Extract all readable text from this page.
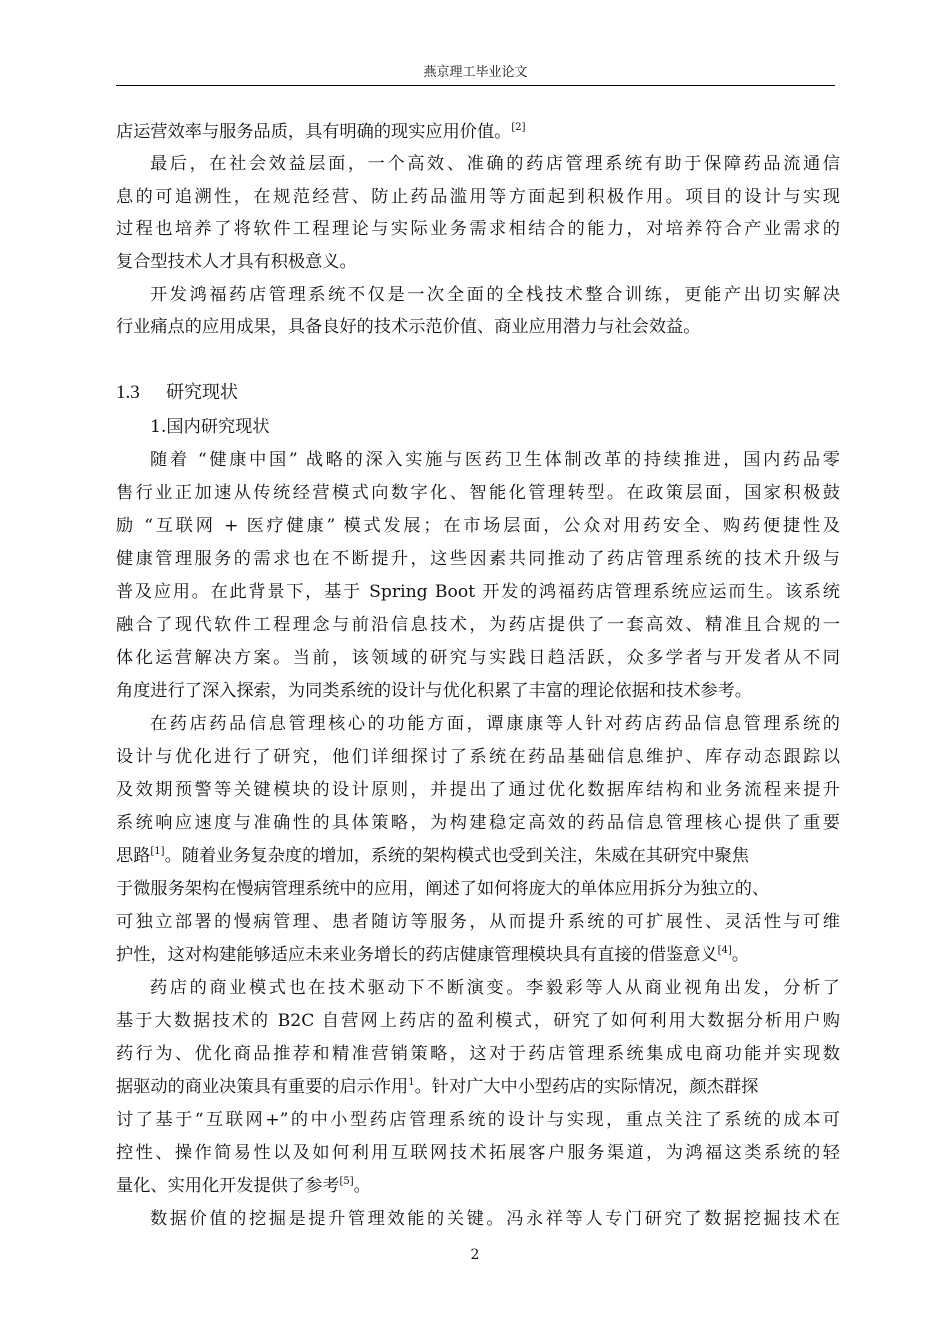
燕京理工毕业论文
店运营效率与服务品质，具有明确的现实应用价值。[2]
最后，在社会效益层面，一个高效、准确的药店管理系统有助于保障药品流通信
息的可追溯性，在规范经营、防止药品滥用等方面起到积极作用。项目的设计与实现
过程也培养了将软件工程理论与实际业务需求相结合的能力，对培养符合产业需求的
复合型技术人才具有积极意义。
开发鸿福药店管理系统不仅是一次全面的全栈技术整合训练，更能产出切实解决
行业痛点的应用成果，具备良好的技术示范价值、商业应用潜力与社会效益。
1.3 研究现状
1.国内研究现状
随着 “健康中国” 战略的深入实施与医药卫生体制改革的持续推进，国内药品零
售行业正加速从传统经营模式向数字化、智能化管理转型。在政策层面，国家积极鼓
励 “互联网 + 医疗健康” 模式发展；在市场层面，公众对用药安全、购药便捷性及
健康管理服务的需求也在不断提升，这些因素共同推动了药店管理系统的技术升级与
普及应用。在此背景下，基于 Spring Boot 开发的鸿福药店管理系统应运而生。该系统
融合了现代软件工程理念与前沿信息技术，为药店提供了一套高效、精准且合规的一
体化运营解决方案。当前，该领域的研究与实践日趋活跃，众多学者与开发者从不同
角度进行了深入探索，为同类系统的设计与优化积累了丰富的理论依据和技术参考。
在药店药品信息管理核心的功能方面，谭康康等人针对药店药品信息管理系统的
设计与优化进行了研究，他们详细探讨了系统在药品基础信息维护、库存动态跟踪以
及效期预警等关键模块的设计原则，并提出了通过优化数据库结构和业务流程来提升
系统响应速度与准确性的具体策略，为构建稳定高效的药品信息管理核心提供了重要
思路[1]。随着业务复杂度的增加，系统的架构模式也受到关注，朱威在其研究中聚焦
于微服务架构在慢病管理系统中的应用，阐述了如何将庞大的单体应用拆分为独立的、
可独立部署的慢病管理、患者随访等服务，从而提升系统的可扩展性、灵活性与可维
护性，这对构建能够适应未来业务增长的药店健康管理模块具有直接的借鉴意义[4]。
药店的商业模式也在技术驱动下不断演变。李毅彩等人从商业视角出发，分析了
基于大数据技术的 B2C 自营网上药店的盈利模式，研究了如何利用大数据分析用户购
药行为、优化商品推荐和精准营销策略，这对于药店管理系统集成电商功能并实现数
据驱动的商业决策具有重要的启示作用$^1$。针对广大中小型药店的实际情况，颜杰群探
讨了基于“互联网+”的中小型药店管理系统的设计与实现，重点关注了系统的成本可
控性、操作简易性以及如何利用互联网技术拓展客户服务渠道，为鸿福这类系统的轻
量化、实用化开发提供了参考[5]。
数据价值的挖掘是提升管理效能的关键。冯永祥等人专门研究了数据挖掘技术在
2
